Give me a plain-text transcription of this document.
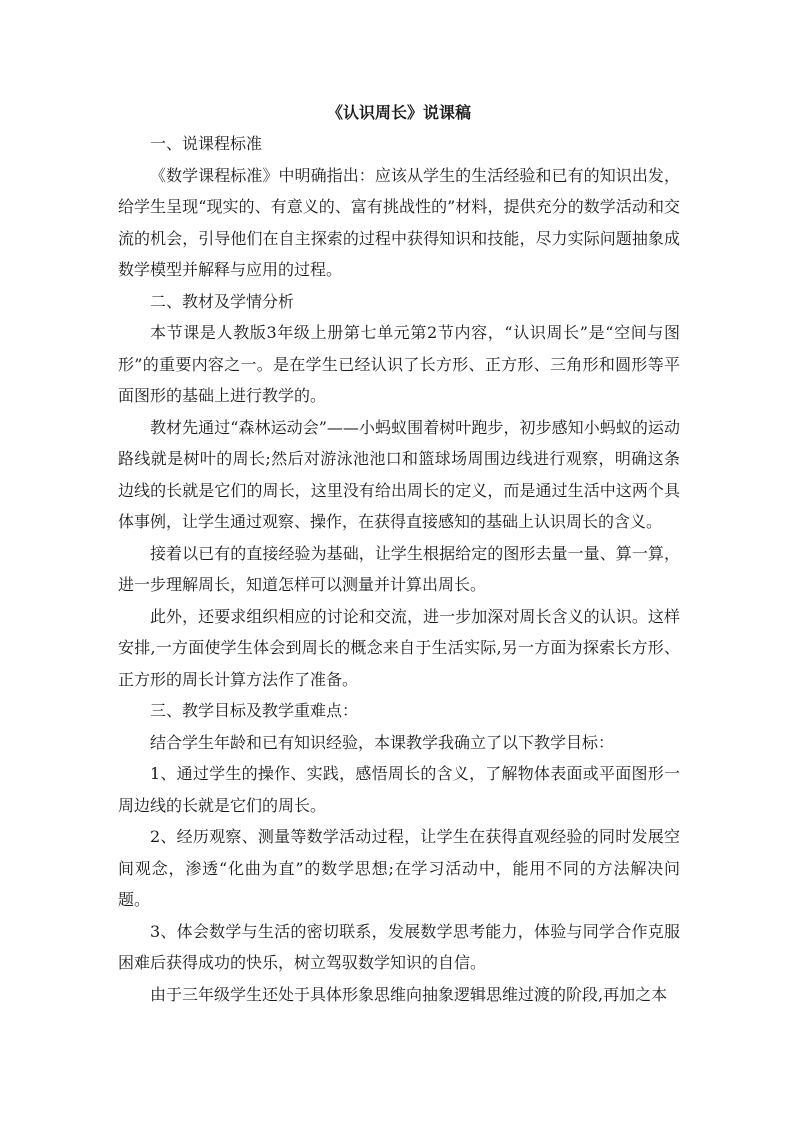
《认识周长》说课稿

一、说课程标准

《数学课程标准》中明确指出：应该从学生的生活经验和已有的知识出发，给学生呈现“现实的、有意义的、富有挑战性的”材料，提供充分的数学活动和交流的机会，引导他们在自主探索的过程中获得知识和技能，尽力实际问题抽象成数学模型并解释与应用的过程。

二、教材及学情分析

本节课是人教版3年级上册第七单元第2节内容，“认识周长”是“空间与图形”的重要内容之一。是在学生已经认识了长方形、正方形、三角形和圆形等平面图形的基础上进行教学的。

教材先通过“森林运动会”——小蚂蚁围着树叶跑步，初步感知小蚂蚁的运动路线就是树叶的周长;然后对游泳池池口和篮球场周围边线进行观察，明确这条边线的长就是它们的周长，这里没有给出周长的定义，而是通过生活中这两个具体事例，让学生通过观察、操作，在获得直接感知的基础上认识周长的含义。

接着以已有的直接经验为基础，让学生根据给定的图形去量一量、算一算，进一步理解周长，知道怎样可以测量并计算出周长。

此外，还要求组织相应的讨论和交流，进一步加深对周长含义的认识。这样安排,一方面使学生体会到周长的概念来自于生活实际,另一方面为探索长方形、正方形的周长计算方法作了准备。

三、教学目标及教学重难点：

结合学生年龄和已有知识经验，本课教学我确立了以下教学目标：

1、通过学生的操作、实践，感悟周长的含义，了解物体表面或平面图形一周边线的长就是它们的周长。

2、经历观察、测量等数学活动过程，让学生在获得直观经验的同时发展空间观念，渗透“化曲为直”的数学思想;在学习活动中，能用不同的方法解决问题。

3、体会数学与生活的密切联系，发展数学思考能力，体验与同学合作克服困难后获得成功的快乐，树立驾驭数学知识的自信。

由于三年级学生还处于具体形象思维向抽象逻辑思维过渡的阶段,再加之本
